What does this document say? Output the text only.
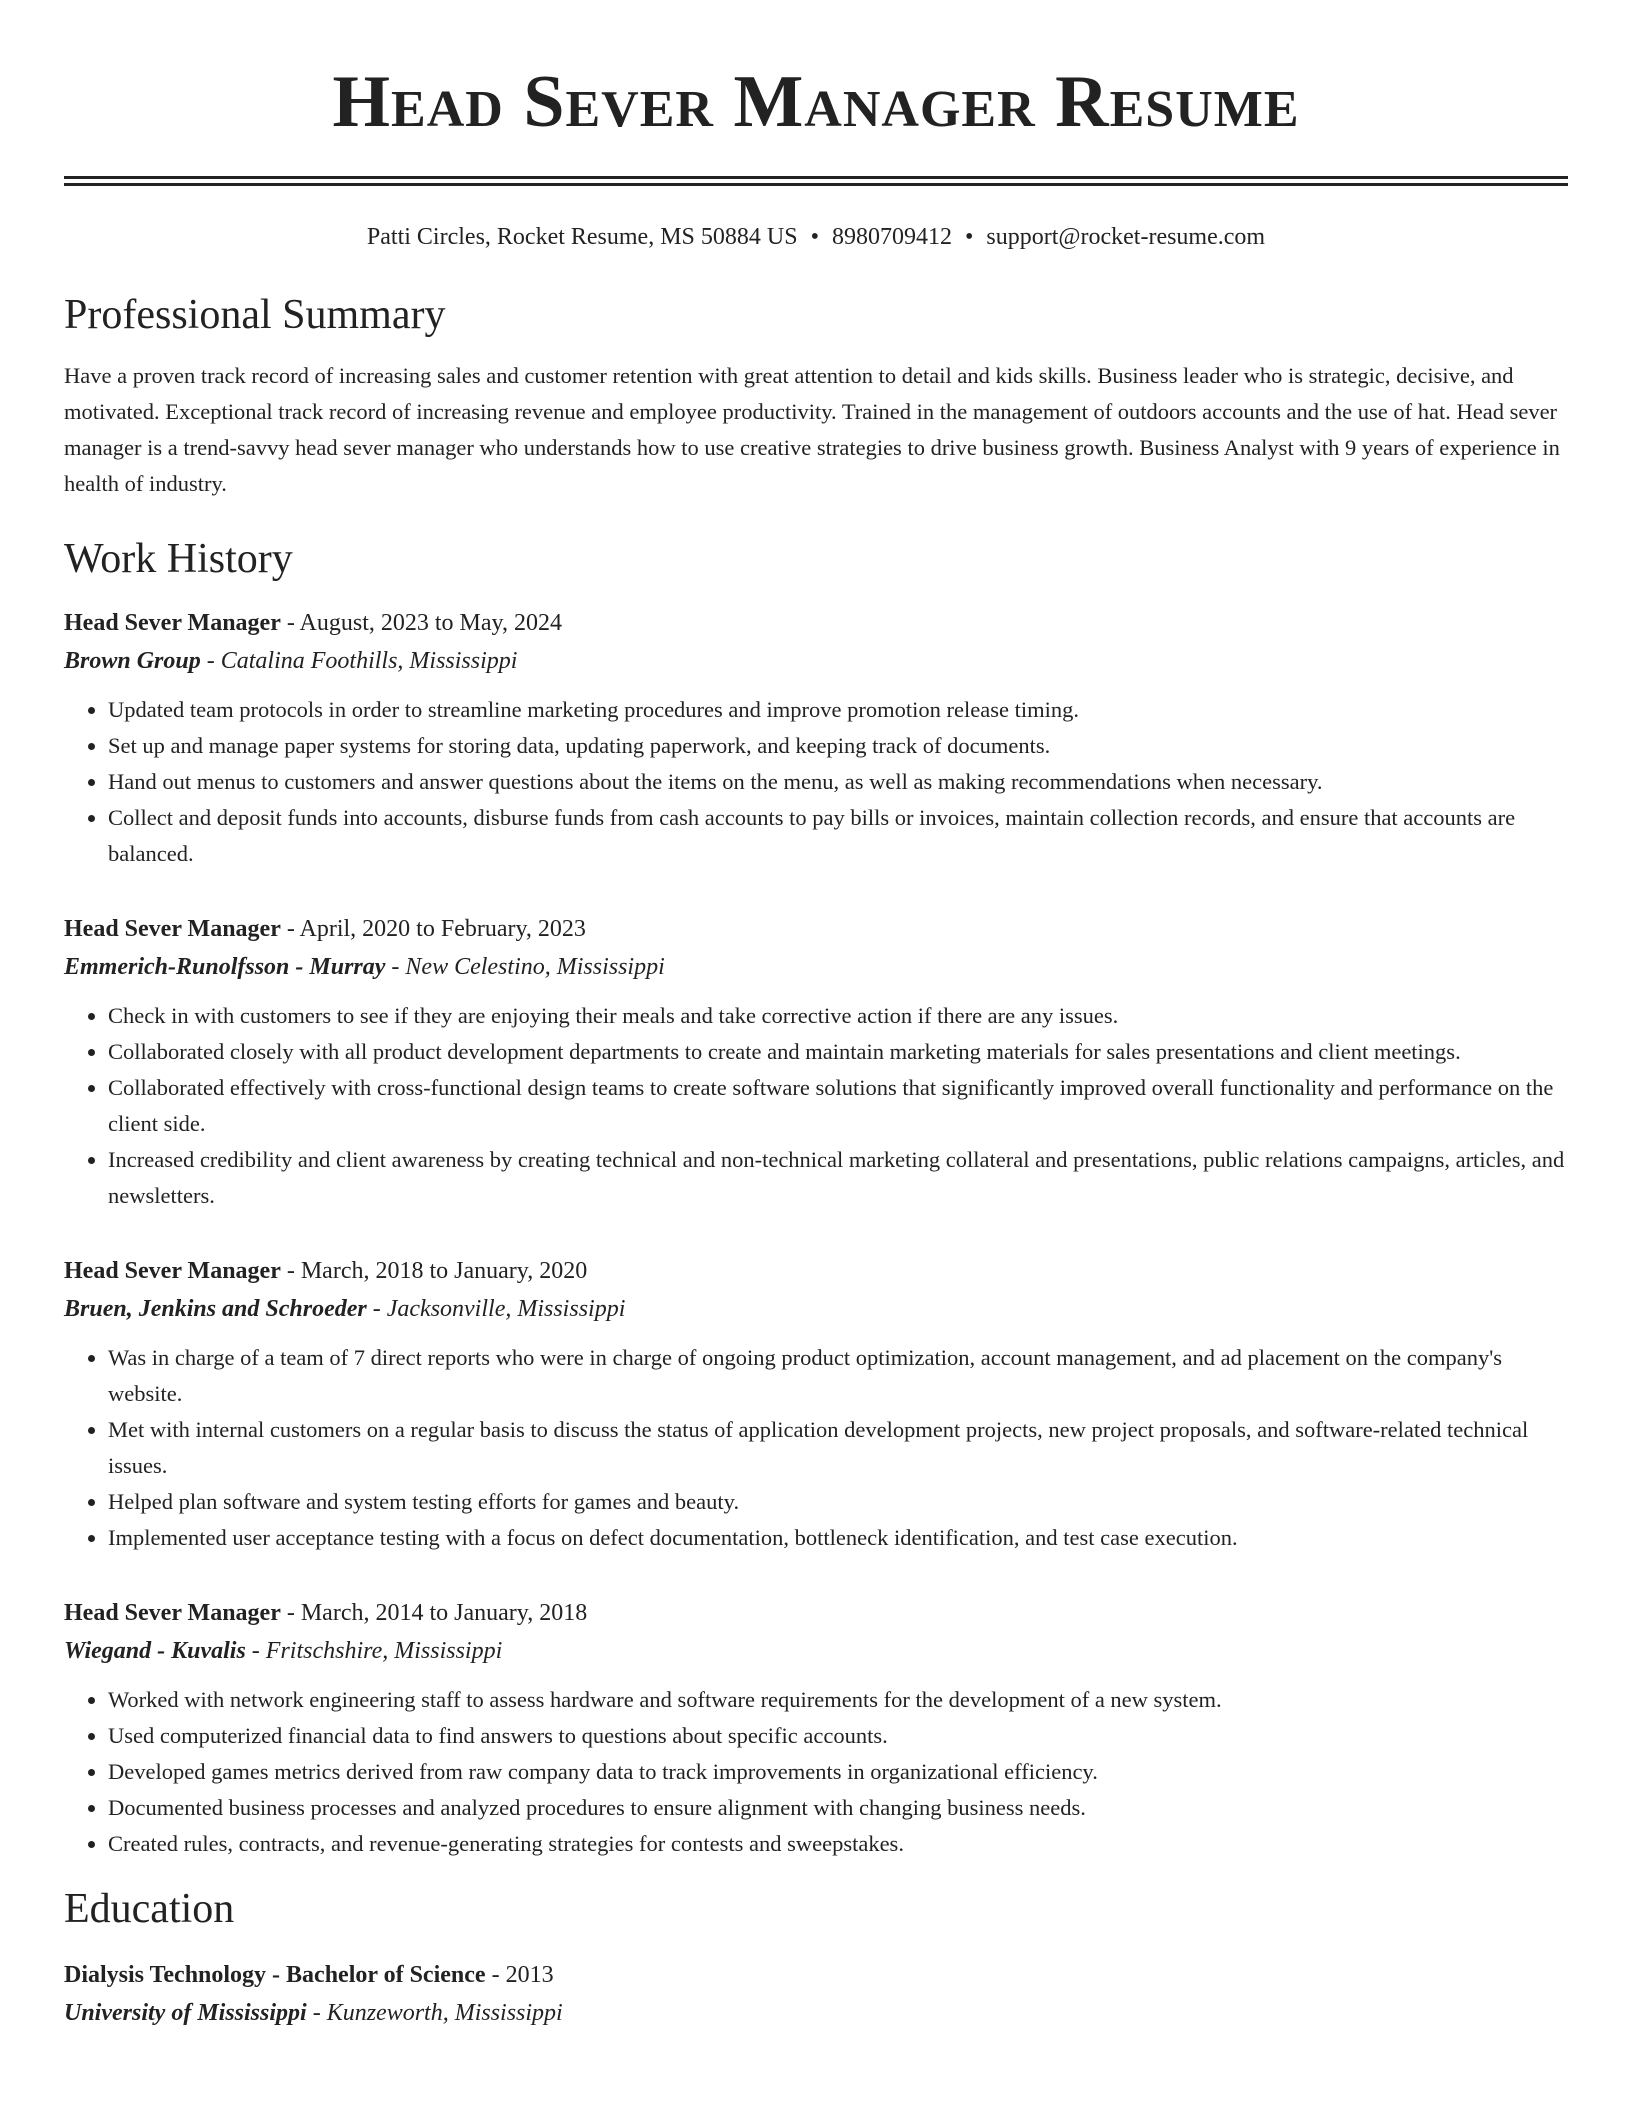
Head Sever Manager Resume
Patti Circles, Rocket Resume, MS 50884 US • 8980709412 • support@rocket-resume.com
Professional Summary

Have a proven track record of increasing sales and customer retention with great attention to detail and kids skills. Business leader who is strategic, decisive, and motivated. Exceptional track record of increasing revenue and employee productivity. Trained in the management of outdoors accounts and the use of hat. Head sever manager is a trend-savvy head sever manager who understands how to use creative strategies to drive business growth. Business Analyst with 9 years of experience in health of industry.

Work History
Head Sever Manager - August, 2023 to May, 2024
Brown Group - Catalina Foothills, Mississippi
• Updated team protocols in order to streamline marketing procedures and improve promotion release timing.
• Set up and manage paper systems for storing data, updating paperwork, and keeping track of documents.
• Hand out menus to customers and answer questions about the items on the menu, as well as making recommendations when necessary.
• Collect and deposit funds into accounts, disburse funds from cash accounts to pay bills or invoices, maintain collection records, and ensure that accounts are balanced.
Head Sever Manager - April, 2020 to February, 2023
Emmerich-Runolfsson - Murray - New Celestino, Mississippi
• Check in with customers to see if they are enjoying their meals and take corrective action if there are any issues.
• Collaborated closely with all product development departments to create and maintain marketing materials for sales presentations and client meetings.
• Collaborated effectively with cross-functional design teams to create software solutions that significantly improved overall functionality and performance on the client side.
• Increased credibility and client awareness by creating technical and non-technical marketing collateral and presentations, public relations campaigns, articles, and newsletters.
Head Sever Manager - March, 2018 to January, 2020
Bruen, Jenkins and Schroeder - Jacksonville, Mississippi
• Was in charge of a team of 7 direct reports who were in charge of ongoing product optimization, account management, and ad placement on the company's website.
• Met with internal customers on a regular basis to discuss the status of application development projects, new project proposals, and software-related technical issues.
• Helped plan software and system testing efforts for games and beauty.
• Implemented user acceptance testing with a focus on defect documentation, bottleneck identification, and test case execution.
Head Sever Manager - March, 2014 to January, 2018
Wiegand - Kuvalis - Fritschshire, Mississippi
• Worked with network engineering staff to assess hardware and software requirements for the development of a new system.
• Used computerized financial data to find answers to questions about specific accounts.
• Developed games metrics derived from raw company data to track improvements in organizational efficiency.
• Documented business processes and analyzed procedures to ensure alignment with changing business needs.
• Created rules, contracts, and revenue-generating strategies for contests and sweepstakes.
Education
Dialysis Technology - Bachelor of Science - 2013
University of Mississippi - Kunzeworth, Mississippi
